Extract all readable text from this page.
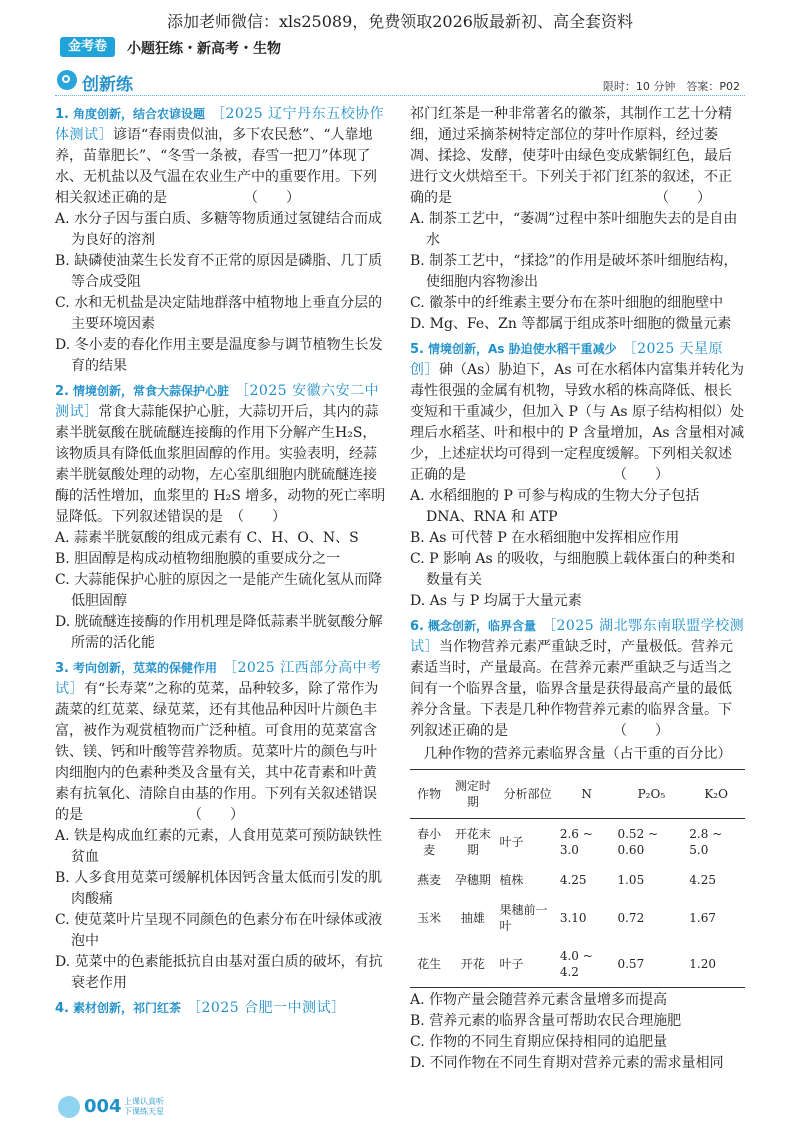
添加老师微信：xls25089，免费领取2026版最新初、高全套资料
金考卷	小题狂练・新高考・生物
创新练	限时：10 分钟　答案：P02
1. 角度创新，结合农谚设题 ［2025 辽宁丹东五校协作体测试］谚语“春雨贵似油，多下农民愁”、“人靠地养，苗靠肥长”、“冬雪一条被，春雪一把刀”体现了水、无机盐以及气温在农业生产中的重要作用。下列相关叙述正确的是　　　　　　（　　）
A. 水分子因与蛋白质、多糖等物质通过氢键结合而成为良好的溶剂
B. 缺磷使油菜生长发育不正常的原因是磷脂、几丁质等合成受阻
C. 水和无机盐是决定陆地群落中植物地上垂直分层的主要环境因素
D. 冬小麦的春化作用主要是温度参与调节植物生长发育的结果
2. 情境创新，常食大蒜保护心脏 ［2025 安徽六安二中测试］常食大蒜能保护心脏，大蒜切开后，其内的蒜素半胱氨酸在胱硫醚连接酶的作用下分解产生H₂S，该物质具有降低血浆胆固醇的作用。实验表明，经蒜素半胱氨酸处理的动物，左心室肌细胞内胱硫醚连接酶的活性增加，血浆里的 H₂S 增多，动物的死亡率明显降低。下列叙述错误的是　（　　）
A. 蒜素半胱氨酸的组成元素有 C、H、O、N、S
B. 胆固醇是构成动植物细胞膜的重要成分之一
C. 大蒜能保护心脏的原因之一是能产生硫化氢从而降低胆固醇
D. 胱硫醚连接酶的作用机理是降低蒜素半胱氨酸分解所需的活化能
3. 考向创新，苋菜的保健作用 ［2025 江西部分高中考试］有“长寿菜”之称的苋菜，品种较多，除了常作为蔬菜的红苋菜、绿苋菜，还有其他品种因叶片颜色丰富，被作为观赏植物而广泛种植。可食用的苋菜富含铁、镁、钙和叶酸等营养物质。苋菜叶片的颜色与叶肉细胞内的色素种类及含量有关，其中花青素和叶黄素有抗氧化、清除自由基的作用。下列有关叙述错误的是　　　　　　　　（　　）
A. 铁是构成血红素的元素，人食用苋菜可预防缺铁性贫血
B. 人多食用苋菜可缓解机体因钙含量太低而引发的肌肉酸痛
C. 使苋菜叶片呈现不同颜色的色素分布在叶绿体或液泡中
D. 苋菜中的色素能抵抗自由基对蛋白质的破坏，有抗衰老作用
4. 素材创新，祁门红茶 ［2025 合肥一中测试］
祁门红茶是一种非常著名的徽茶，其制作工艺十分精细，通过采摘茶树特定部位的芽叶作原料，经过萎凋、揉捻、发酵，使芽叶由绿色变成紫铜红色，最后进行文火烘焙至干。下列关于祁门红茶的叙述，不正确的是　　　　　　　　　　　　　　　（　　）
A. 制茶工艺中，“萎凋”过程中茶叶细胞失去的是自由水
B. 制茶工艺中，“揉捻”的作用是破坏茶叶细胞结构，使细胞内容物渗出
C. 徽茶中的纤维素主要分布在茶叶细胞的细胞壁中
D. Mg、Fe、Zn 等都属于组成茶叶细胞的微量元素
5. 情境创新，As 胁迫使水稻干重减少 ［2025 天星原创］砷（As）胁迫下，As 可在水稻体内富集并转化为毒性很强的金属有机物，导致水稻的株高降低、根长变短和干重减少，但加入 P（与 As 原子结构相似）处理后水稻茎、叶和根中的 P 含量增加，As 含量相对减少，上述症状均可得到一定程度缓解。下列相关叙述正确的是　　　　　　　　　　　（　　）
A. 水稻细胞的 P 可参与构成的生物大分子包括 DNA、RNA 和 ATP
B. As 可代替 P 在水稻细胞中发挥相应作用
C. P 影响 As 的吸收，与细胞膜上载体蛋白的种类和数量有关
D. As 与 P 均属于大量元素
6. 概念创新，临界含量 ［2025 湖北鄂东南联盟学校测试］当作物营养元素严重缺乏时，产量极低。营养元素适当时，产量最高。在营养元素严重缺乏与适当之间有一个临界含量，临界含量是获得最高产量的最低养分含量。下表是几种作物营养元素的临界含量。下列叙述正确的是　　　　　　　　（　　）
几种作物的营养元素临界含量（占干重的百分比）
作物	测定时期	分析部位	N	P₂O₅	K₂O
春小麦	开花末期	叶子	2.6 ~ 3.0	0.52 ~ 0.60	2.8 ~ 5.0
燕麦	孕穗期	植株	4.25	1.05	4.25
玉米	抽雄	果穗前一叶	3.10	0.72	1.67
花生	开花	叶子	4.0 ~ 4.2	0.57	1.20
A. 作物产量会随营养元素含量增多而提高
B. 营养元素的临界含量可帮助农民合理施肥
C. 作物的不同生育期应保持相同的追肥量
D. 不同作物在不同生育期对营养元素的需求量相同
004 上课认真听 下课练天星
